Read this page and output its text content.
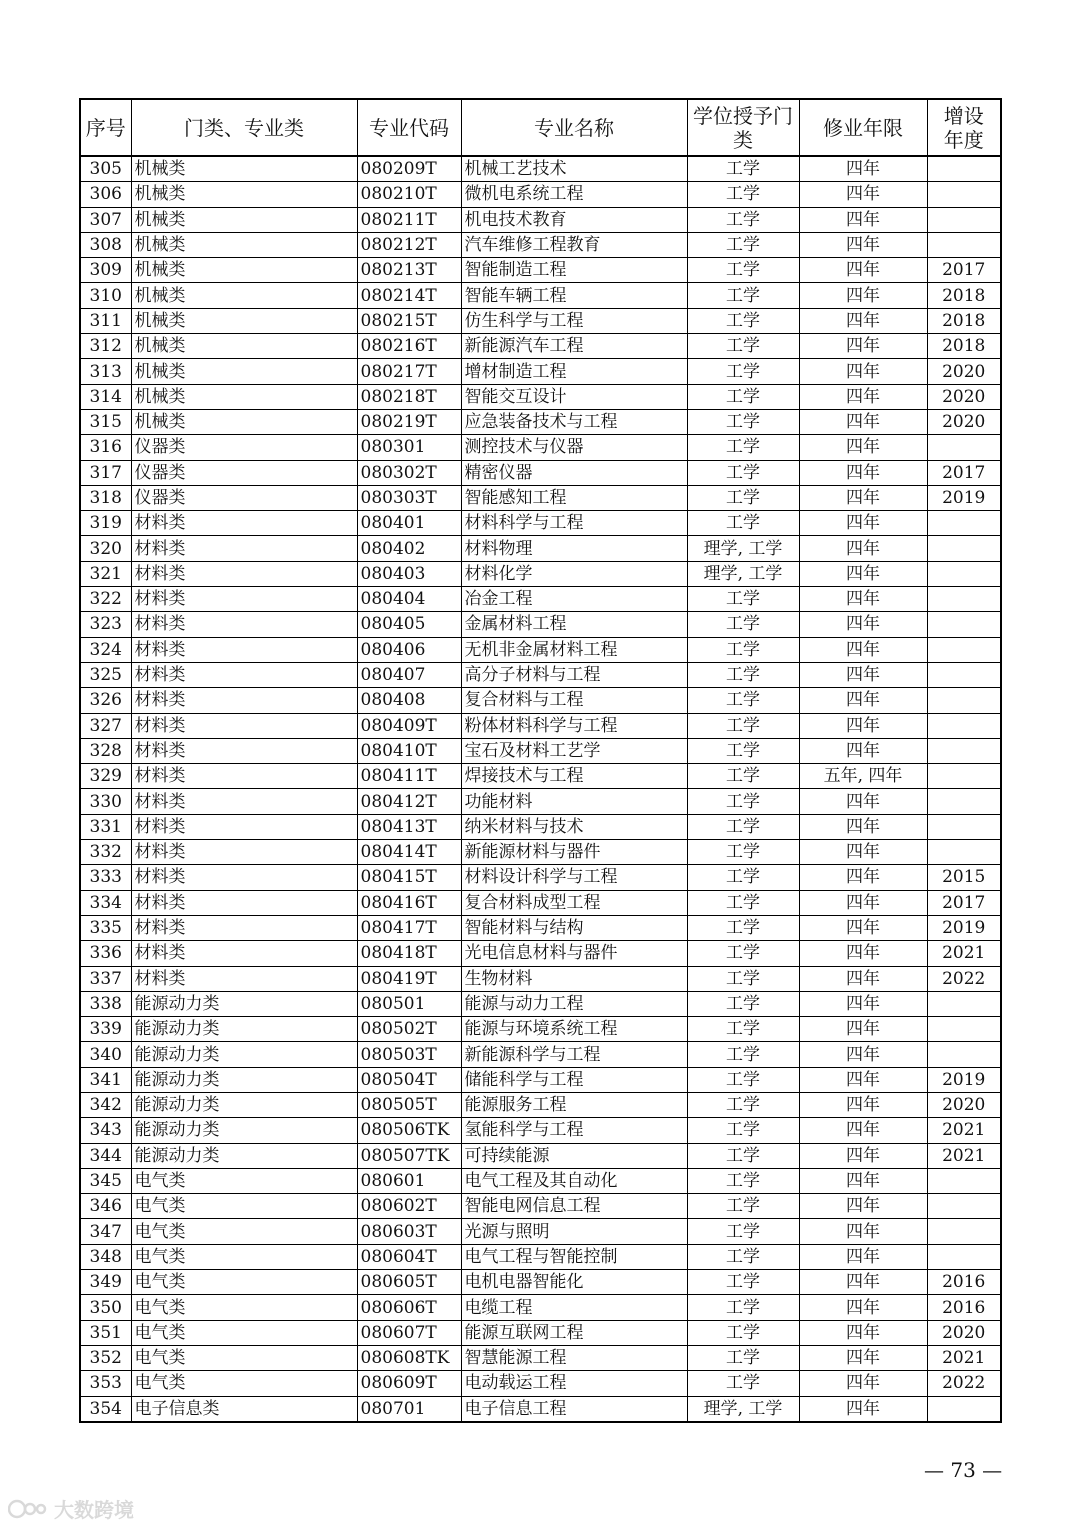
序号	门类、专业类	专业代码	专业名称	学位授予门类	修业年限	增设年度

305	机械类	080209T	机械工艺技术	工学	四年	
306	机械类	080210T	微机电系统工程	工学	四年	
307	机械类	080211T	机电技术教育	工学	四年	
308	机械类	080212T	汽车维修工程教育	工学	四年	
309	机械类	080213T	智能制造工程	工学	四年	2017
310	机械类	080214T	智能车辆工程	工学	四年	2018
311	机械类	080215T	仿生科学与工程	工学	四年	2018
312	机械类	080216T	新能源汽车工程	工学	四年	2018
313	机械类	080217T	增材制造工程	工学	四年	2020
314	机械类	080218T	智能交互设计	工学	四年	2020
315	机械类	080219T	应急装备技术与工程	工学	四年	2020
316	仪器类	080301	测控技术与仪器	工学	四年	
317	仪器类	080302T	精密仪器	工学	四年	2017
318	仪器类	080303T	智能感知工程	工学	四年	2019
319	材料类	080401	材料科学与工程	工学	四年	
320	材料类	080402	材料物理	理学, 工学	四年	
321	材料类	080403	材料化学	理学, 工学	四年	
322	材料类	080404	冶金工程	工学	四年	
323	材料类	080405	金属材料工程	工学	四年	
324	材料类	080406	无机非金属材料工程	工学	四年	
325	材料类	080407	高分子材料与工程	工学	四年	
326	材料类	080408	复合材料与工程	工学	四年	
327	材料类	080409T	粉体材料科学与工程	工学	四年	
328	材料类	080410T	宝石及材料工艺学	工学	四年	
329	材料类	080411T	焊接技术与工程	工学	五年, 四年	
330	材料类	080412T	功能材料	工学	四年	
331	材料类	080413T	纳米材料与技术	工学	四年	
332	材料类	080414T	新能源材料与器件	工学	四年	
333	材料类	080415T	材料设计科学与工程	工学	四年	2015
334	材料类	080416T	复合材料成型工程	工学	四年	2017
335	材料类	080417T	智能材料与结构	工学	四年	2019
336	材料类	080418T	光电信息材料与器件	工学	四年	2021
337	材料类	080419T	生物材料	工学	四年	2022
338	能源动力类	080501	能源与动力工程	工学	四年	
339	能源动力类	080502T	能源与环境系统工程	工学	四年	
340	能源动力类	080503T	新能源科学与工程	工学	四年	
341	能源动力类	080504T	储能科学与工程	工学	四年	2019
342	能源动力类	080505T	能源服务工程	工学	四年	2020
343	能源动力类	080506TK	氢能科学与工程	工学	四年	2021
344	能源动力类	080507TK	可持续能源	工学	四年	2021
345	电气类	080601	电气工程及其自动化	工学	四年	
346	电气类	080602T	智能电网信息工程	工学	四年	
347	电气类	080603T	光源与照明	工学	四年	
348	电气类	080604T	电气工程与智能控制	工学	四年	
349	电气类	080605T	电机电器智能化	工学	四年	2016
350	电气类	080606T	电缆工程	工学	四年	2016
351	电气类	080607T	能源互联网工程	工学	四年	2020
352	电气类	080608TK	智慧能源工程	工学	四年	2021
353	电气类	080609T	电动载运工程	工学	四年	2022
354	电子信息类	080701	电子信息工程	理学, 工学	四年	
— 73 —
大数跨境
